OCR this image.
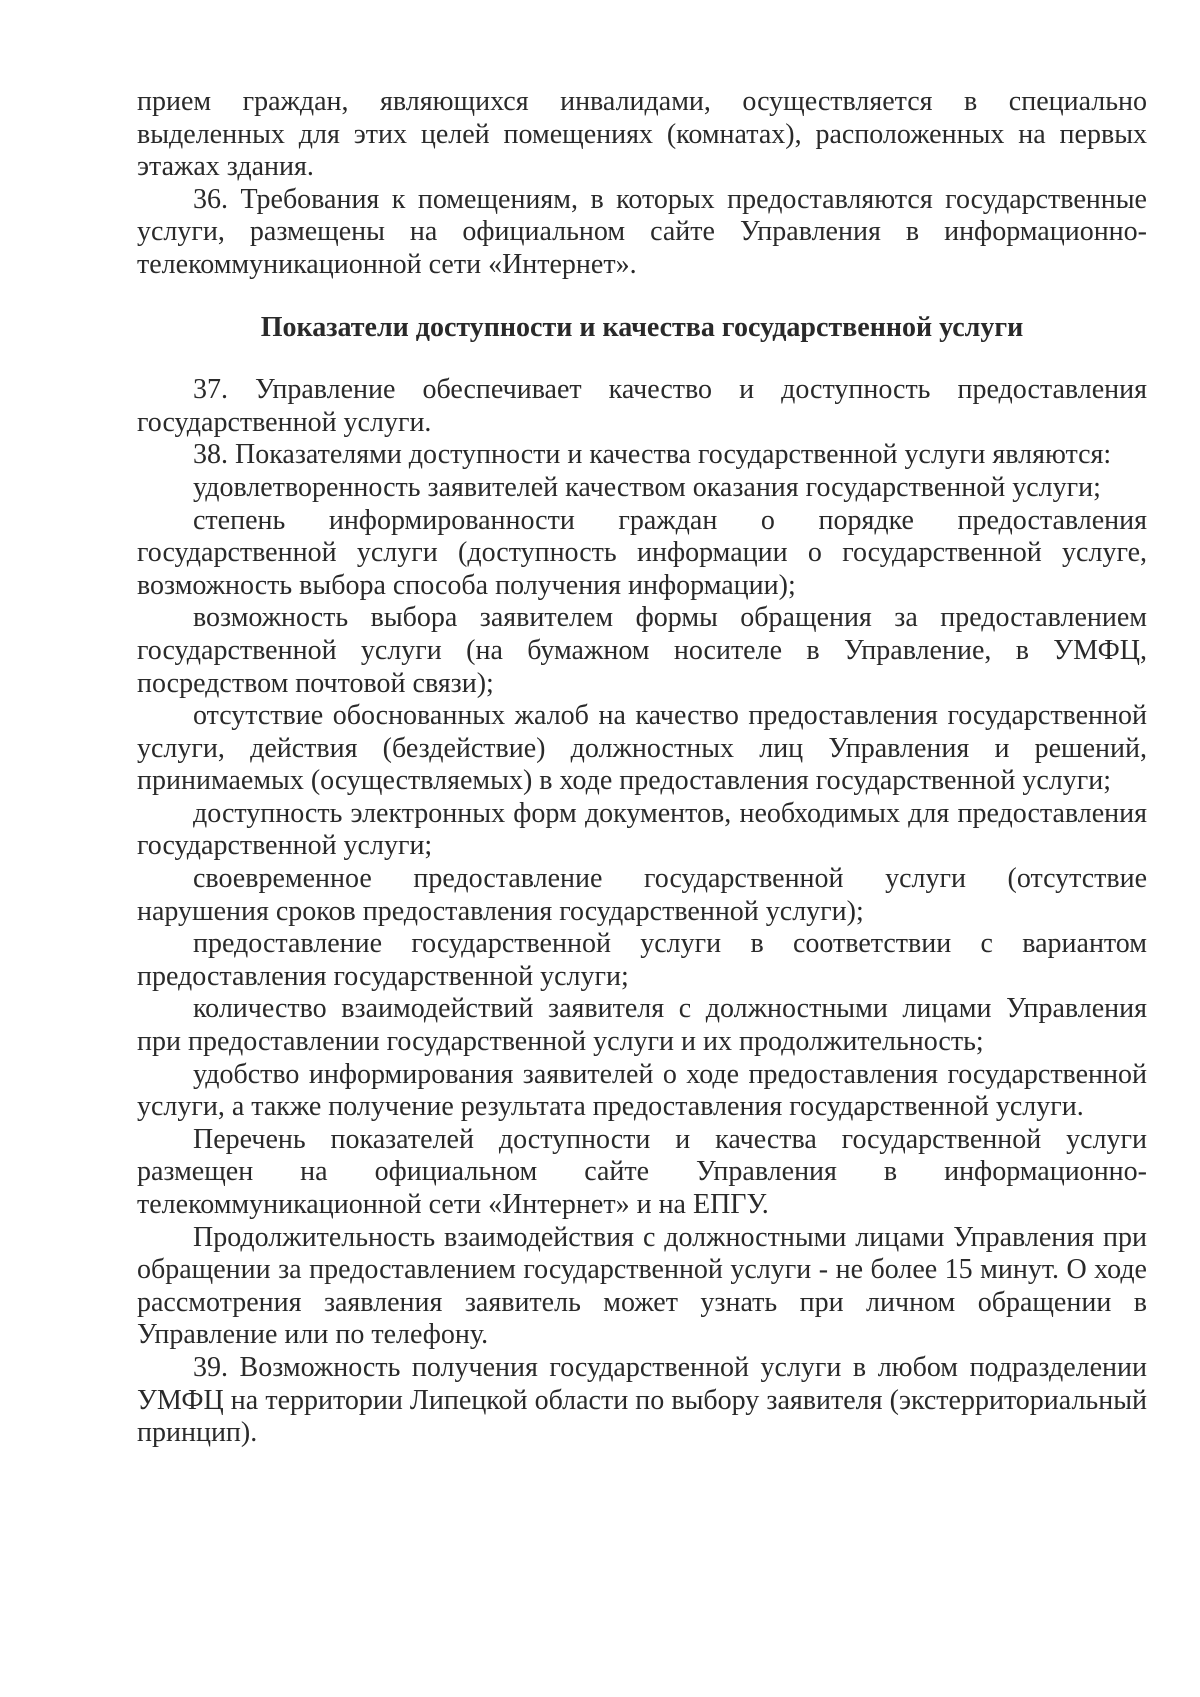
прием граждан, являющихся инвалидами, осуществляется в специально выделенных для этих целей помещениях (комнатах), расположенных на первых этажах здания.

36. Требования к помещениям, в которых предоставляются государственные услуги, размещены на официальном сайте Управления в информационно-телекоммуникационной сети «Интернет».

Показатели доступности и качества государственной услуги

37. Управление обеспечивает качество и доступность предоставления государственной услуги.

38. Показателями доступности и качества государственной услуги являются:

удовлетворенность заявителей качеством оказания государственной услуги;

степень информированности граждан о порядке предоставления государственной услуги (доступность информации о государственной услуге, возможность выбора способа получения информации);

возможность выбора заявителем формы обращения за предоставлением государственной услуги (на бумажном носителе в Управление, в УМФЦ, посредством почтовой связи);

отсутствие обоснованных жалоб на качество предоставления государственной услуги, действия (бездействие) должностных лиц Управления и решений, принимаемых (осуществляемых) в ходе предоставления государственной услуги;

доступность электронных форм документов, необходимых для предоставления государственной услуги;

своевременное предоставление государственной услуги (отсутствие нарушения сроков предоставления государственной услуги);

предоставление государственной услуги в соответствии с вариантом предоставления государственной услуги;

количество взаимодействий заявителя с должностными лицами Управления при предоставлении государственной услуги и их продолжительность;

удобство информирования заявителей о ходе предоставления государственной услуги, а также получение результата предоставления государственной услуги.

Перечень показателей доступности и качества государственной услуги размещен на официальном сайте Управления в информационно-телекоммуникационной сети «Интернет» и на ЕПГУ.

Продолжительность взаимодействия с должностными лицами Управления при обращении за предоставлением государственной услуги - не более 15 минут. О ходе рассмотрения заявления заявитель может узнать при личном обращении в Управление или по телефону.

39. Возможность получения государственной услуги в любом подразделении УМФЦ на территории Липецкой области по выбору заявителя (экстерриториальный принцип).
